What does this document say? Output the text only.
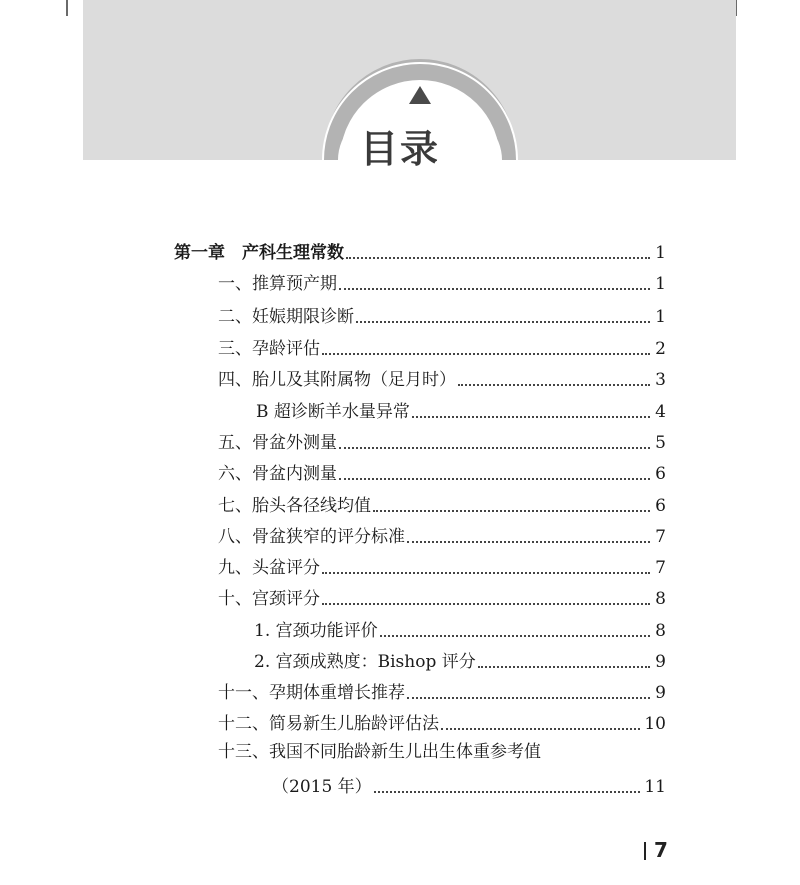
目录
第一章　产科生理常数	1
一、推算预产期	1
二、妊娠期限诊断	1
三、孕龄评估	2
四、胎儿及其附属物（足月时）	3
B 超诊断羊水量异常	4
五、骨盆外测量	5
六、骨盆内测量	6
七、胎头各径线均值	6
八、骨盆狭窄的评分标准	7
九、头盆评分	7
十、宫颈评分	8
1. 宫颈功能评价	8
2. 宫颈成熟度：Bishop 评分	9
十一、孕期体重增长推荐	9
十二、简易新生儿胎龄评估法	10
十三、我国不同胎龄新生儿出生体重参考值
（2015 年）	11
7
